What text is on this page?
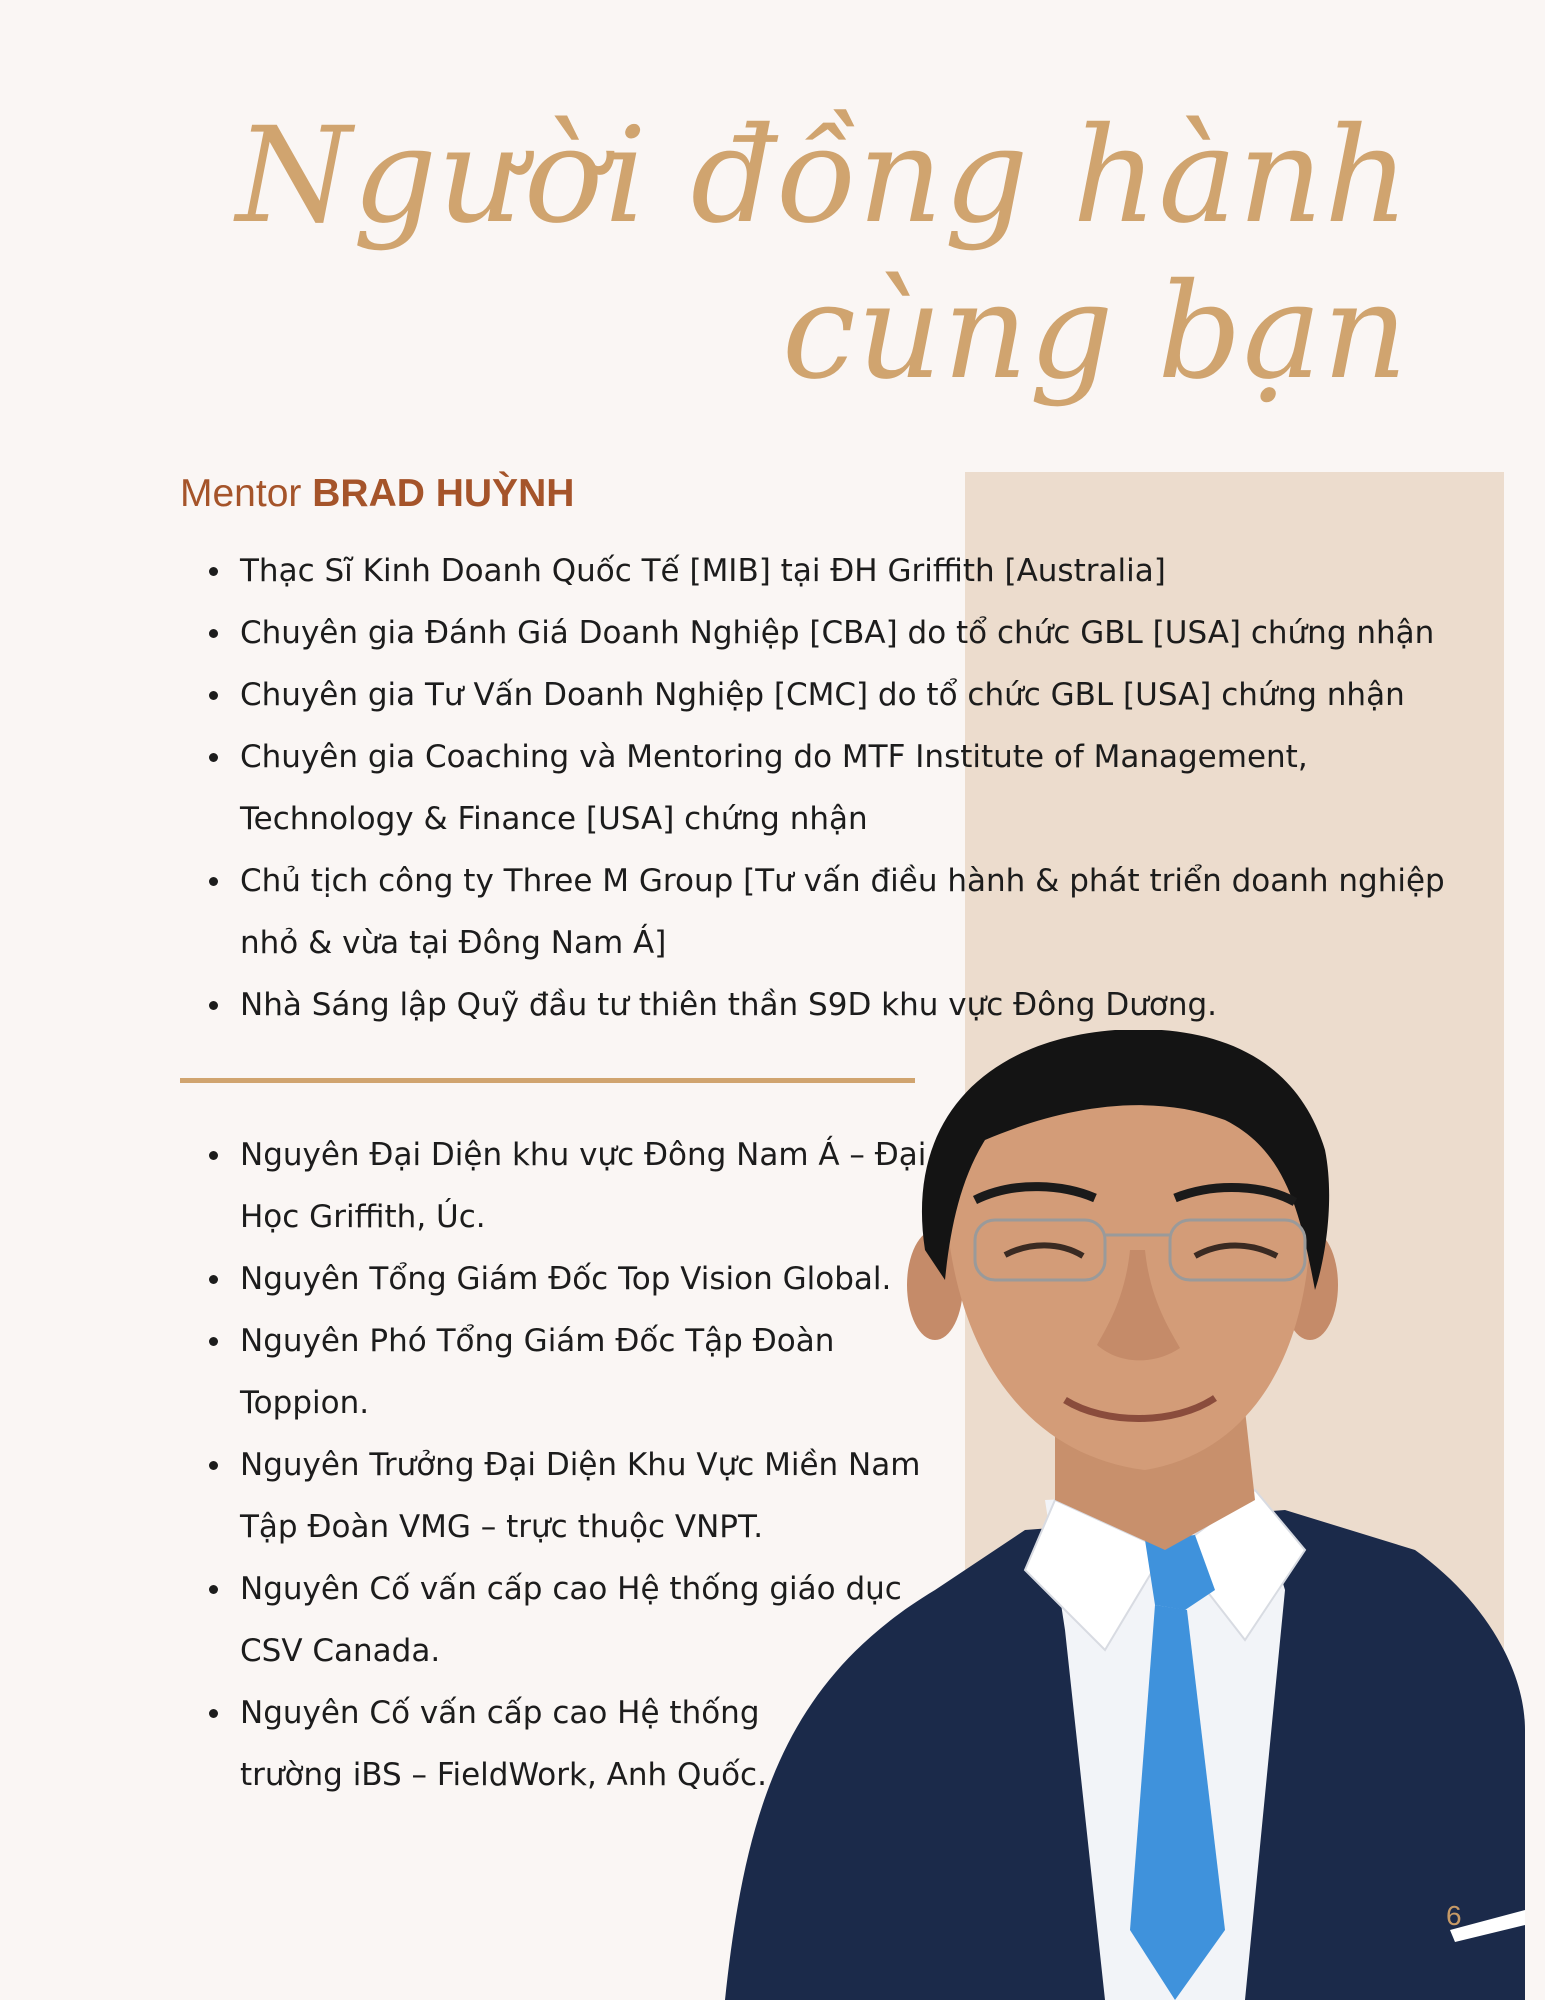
Người đồng hành
cùng bạn
Mentor BRAD HUỲNH
Thạc Sĩ Kinh Doanh Quốc Tế [MIB] tại ĐH Griffith [Australia]
Chuyên gia Đánh Giá Doanh Nghiệp [CBA] do tổ chức GBL [USA] chứng nhận
Chuyên gia Tư Vấn Doanh Nghiệp [CMC] do tổ chức GBL [USA] chứng nhận
Chuyên gia Coaching và Mentoring do MTF Institute of Management,
Technology & Finance [USA] chứng nhận
Chủ tịch công ty Three M Group [Tư vấn điều hành & phát triển doanh nghiệp
nhỏ & vừa tại Đông Nam Á]
Nhà Sáng lập Quỹ đầu tư thiên thần S9D khu vực Đông Dương.
Nguyên Đại Diện khu vực Đông Nam Á – Đại
Học Griffith, Úc.
Nguyên Tổng Giám Đốc Top Vision Global.
Nguyên Phó Tổng Giám Đốc Tập Đoàn
Toppion.
Nguyên Trưởng Đại Diện Khu Vực Miền Nam
Tập Đoàn VMG – trực thuộc VNPT.
Nguyên Cố vấn cấp cao Hệ thống giáo dục
CSV Canada.
Nguyên Cố vấn cấp cao Hệ thống
trường iBS – FieldWork, Anh Quốc.
6
